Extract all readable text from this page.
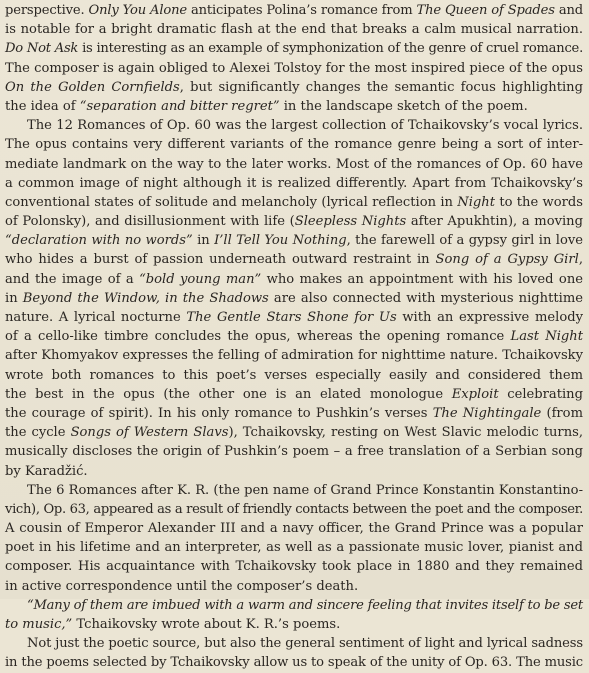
perspective. Only You Alone anticipates Polina’s romance from The Queen of Spades and
is notable for a bright dramatic flash at the end that breaks a calm musical narration.
Do Not Ask is interesting as an example of symphonization of the genre of cruel romance.
The composer is again obliged to Alexei Tolstoy for the most inspired piece of the opus
On the Golden Cornfields, but significantly changes the semantic focus highlighting
the idea of “separation and bitter regret” in the landscape sketch of the poem.
The 12 Romances of Op. 60 was the largest collection of Tchaikovsky’s vocal lyrics.
The opus contains very different variants of the romance genre being a sort of inter-
mediate landmark on the way to the later works. Most of the romances of Op. 60 have
a common image of night although it is realized differently. Apart from Tchaikovsky’s
conventional states of solitude and melancholy (lyrical reflection in Night to the words
of Polonsky), and disillusionment with life (Sleepless Nights after Apukhtin), a moving
“declaration with no words” in I’ll Tell You Nothing, the farewell of a gypsy girl in love
who hides a burst of passion underneath outward restraint in Song of a Gypsy Girl,
and the image of a “bold young man” who makes an appointment with his loved one
in Beyond the Window, in the Shadows are also connected with mysterious nighttime
nature. A lyrical nocturne The Gentle Stars Shone for Us with an expressive melody
of a cello-like timbre concludes the opus, whereas the opening romance Last Night
after Khomyakov expresses the felling of admiration for nighttime nature. Tchaikovsky
wrote both romances to this poet’s verses especially easily and considered them
the best in the opus (the other one is an elated monologue Exploit celebrating
the courage of spirit). In his only romance to Pushkin’s verses The Nightingale (from
the cycle Songs of Western Slavs), Tchaikovsky, resting on West Slavic melodic turns,
musically discloses the origin of Pushkin’s poem – a free translation of a Serbian song
by Karadžić.
The 6 Romances after K. R. (the pen name of Grand Prince Konstantin Konstantino-
vich), Op. 63, appeared as a result of friendly contacts between the poet and the composer.
A cousin of Emperor Alexander III and a navy officer, the Grand Prince was a popular
poet in his lifetime and an interpreter, as well as a passionate music lover, pianist and
composer. His acquaintance with Tchaikovsky took place in 1880 and they remained
in active correspondence until the composer’s death.
“Many of them are imbued with a warm and sincere feeling that invites itself to be set
to music,” Tchaikovsky wrote about K. R.’s poems.
Not just the poetic source, but also the general sentiment of light and lyrical sadness
in the poems selected by Tchaikovsky allow us to speak of the unity of Op. 63. The music
